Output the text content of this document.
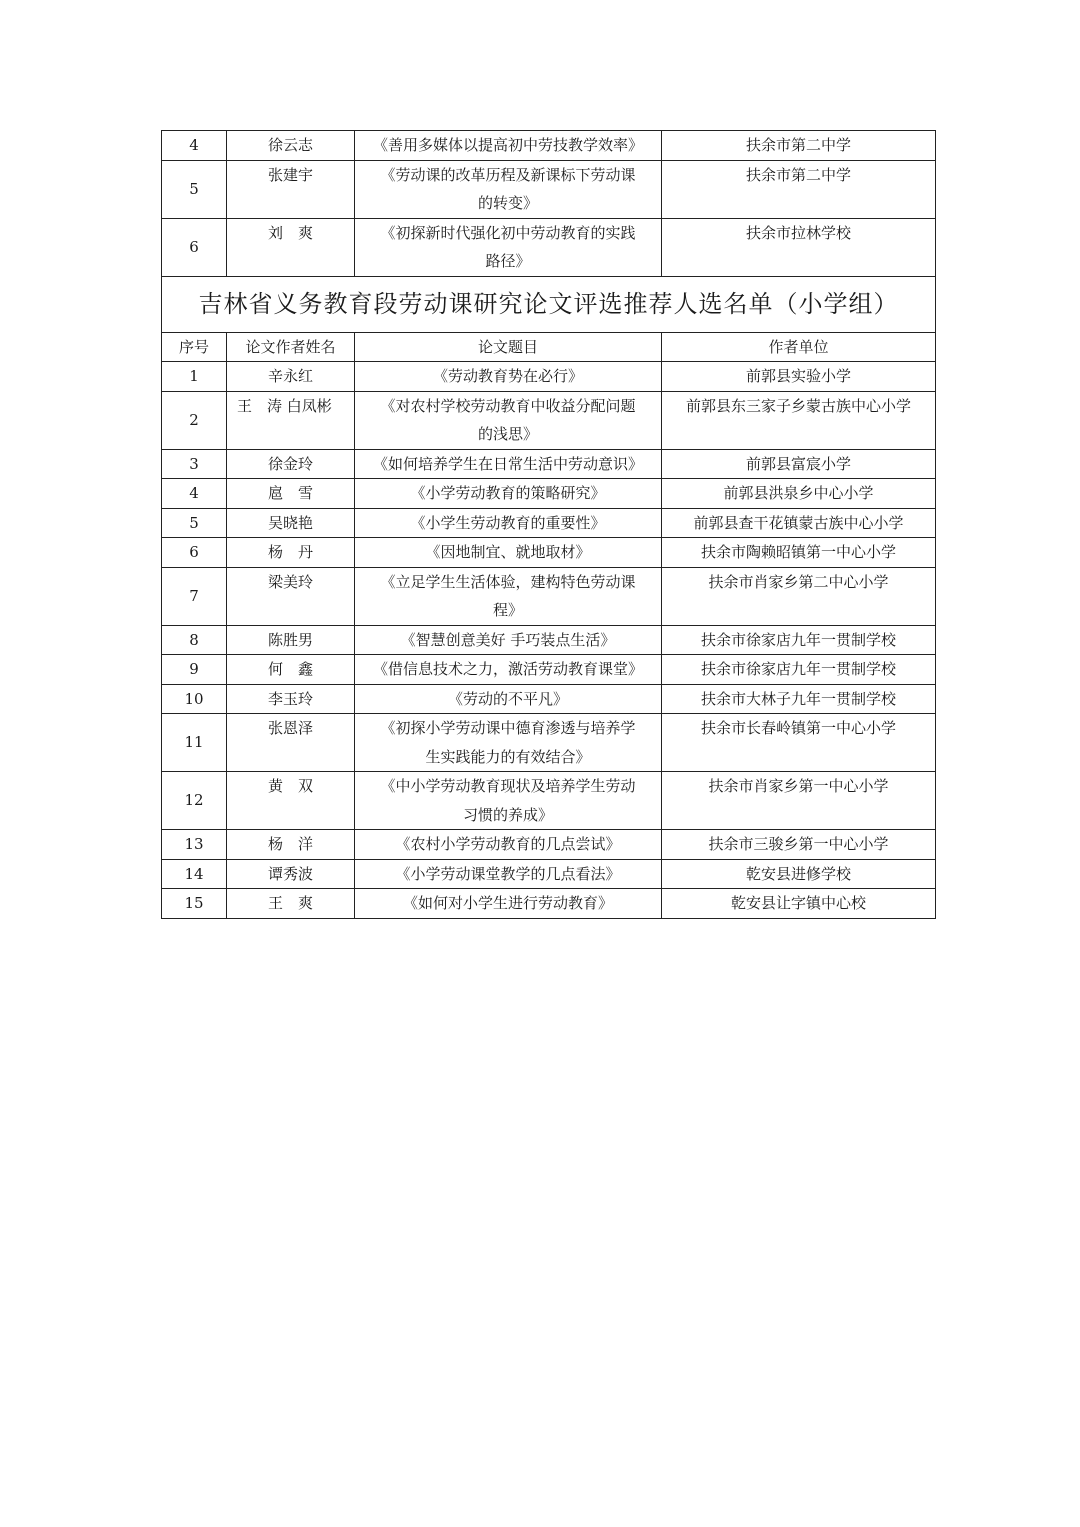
4	徐云志	《善用多媒体以提高初中劳技教学效率》	扶余市第二中学
5	张建宇	《劳动课的改革历程及新课标下劳动课
的转变》	扶余市第二中学
6	刘　爽	《初探新时代强化初中劳动教育的实践
路径》	扶余市拉林学校
吉林省义务教育段劳动课研究论文评选推荐人选名单（小学组）			
序号	论文作者姓名	论文题目	作者单位
1	辛永红	《劳动教育势在必行》	前郭县实验小学
2	王　涛 白凤彬	《对农村学校劳动教育中收益分配问题
的浅思》	前郭县东三家子乡蒙古族中心小学
3	徐金玲	《如何培养学生在日常生活中劳动意识》	前郭县富宸小学
4	扈　雪	《小学劳动教育的策略研究》	前郭县洪泉乡中心小学
5	吴晓艳	《小学生劳动教育的重要性》	前郭县查干花镇蒙古族中心小学
6	杨　丹	《因地制宜、就地取材》	扶余市陶赖昭镇第一中心小学
7	梁美玲	《立足学生生活体验，建构特色劳动课
程》	扶余市肖家乡第二中心小学
8	陈胜男	《智慧创意美好 手巧装点生活》	扶余市徐家店九年一贯制学校
9	何　鑫	《借信息技术之力，激活劳动教育课堂》	扶余市徐家店九年一贯制学校
10	李玉玲	《劳动的不平凡》	扶余市大林子九年一贯制学校
11	张恩泽	《初探小学劳动课中德育渗透与培养学
生实践能力的有效结合》	扶余市长春岭镇第一中心小学
12	黄　双	《中小学劳动教育现状及培养学生劳动
习惯的养成》	扶余市肖家乡第一中心小学
13	杨　洋	《农村小学劳动教育的几点尝试》	扶余市三骏乡第一中心小学
14	谭秀波	《小学劳动课堂教学的几点看法》	乾安县进修学校
15	王　爽	《如何对小学生进行劳动教育》	乾安县让字镇中心校
